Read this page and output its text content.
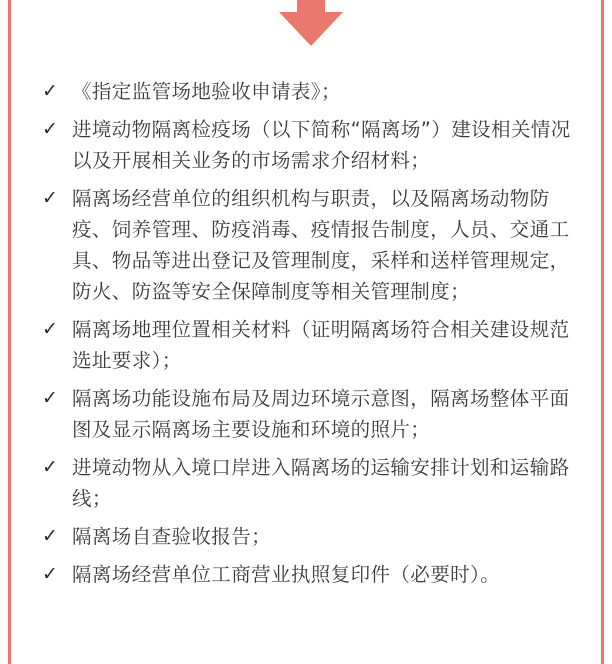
✓ 《指定监管场地验收申请表》；
✓ 进境动物隔离检疫场（以下简称“隔离场”）建设相关情况以及开展相关业务的市场需求介绍材料；
✓ 隔离场经营单位的组织机构与职责，以及隔离场动物防疫、饲养管理、防疫消毒、疫情报告制度，人员、交通工具、物品等进出登记及管理制度，采样和送样管理规定，防火、防盗等安全保障制度等相关管理制度；
✓ 隔离场地理位置相关材料（证明隔离场符合相关建设规范选址要求）；
✓ 隔离场功能设施布局及周边环境示意图，隔离场整体平面图及显示隔离场主要设施和环境的照片；
✓ 进境动物从入境口岸进入隔离场的运输安排计划和运输路线；
✓ 隔离场自查验收报告；
✓ 隔离场经营单位工商营业执照复印件（必要时）。
